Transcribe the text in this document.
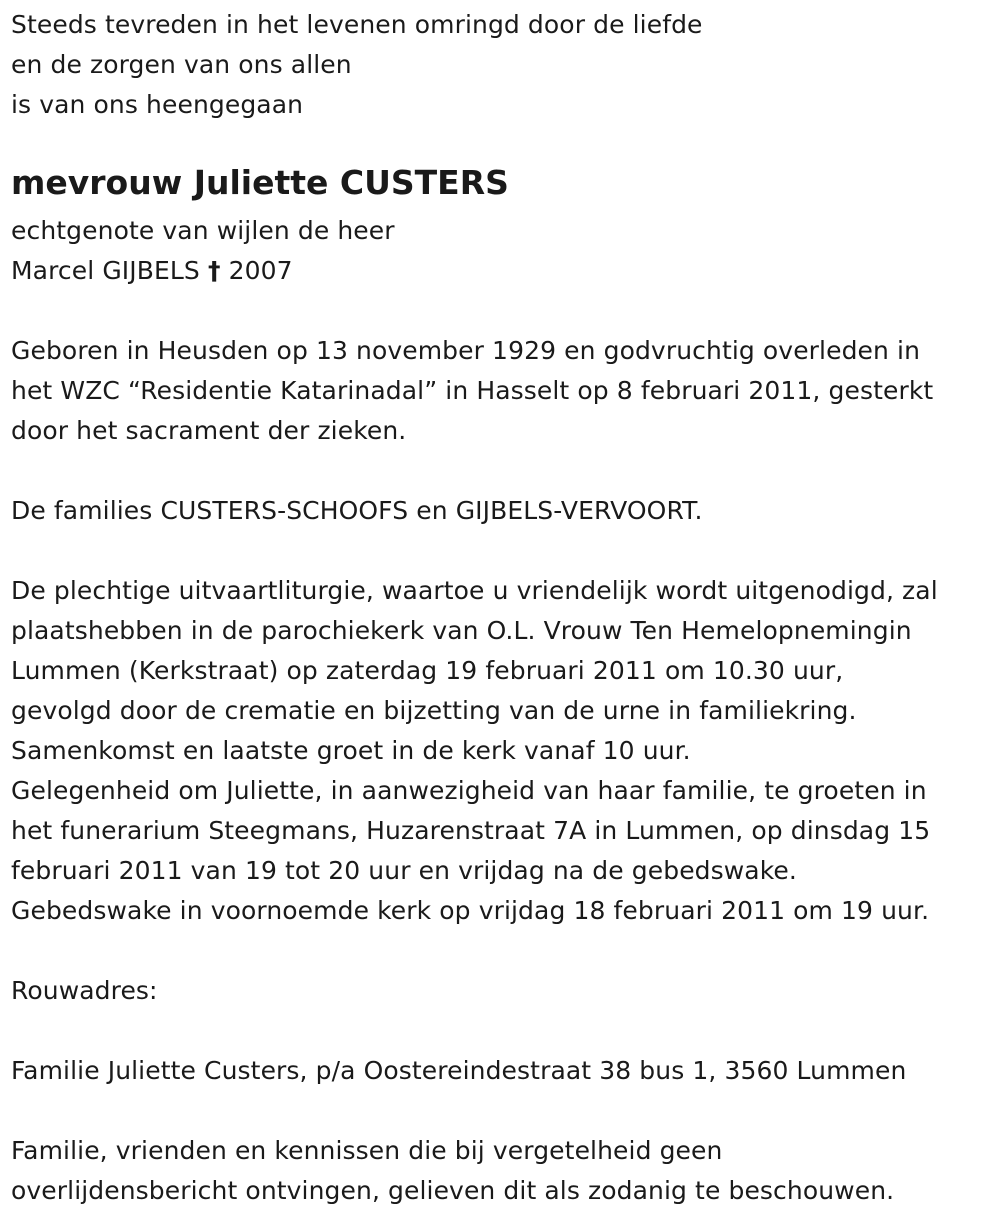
Steeds tevreden in het levenen omringd door de liefde
en de zorgen van ons allen
is van ons heengegaan
mevrouw Juliette CUSTERS
echtgenote van wijlen de heer
Marcel GIJBELS † 2007
Geboren in Heusden op 13 november 1929 en godvruchtig overleden in
het WZC “Residentie Katarinadal” in Hasselt op 8 februari 2011, gesterkt
door het sacrament der zieken.
De families CUSTERS-SCHOOFS en GIJBELS-VERVOORT.
De plechtige uitvaartliturgie, waartoe u vriendelijk wordt uitgenodigd, zal
plaatshebben in de parochiekerk van O.L. Vrouw Ten Hemelopnemingin
Lummen (Kerkstraat) op zaterdag 19 februari 2011 om 10.30 uur,
gevolgd door de crematie en bijzetting van de urne in familiekring.
Samenkomst en laatste groet in de kerk vanaf 10 uur.
Gelegenheid om Juliette, in aanwezigheid van haar familie, te groeten in
het funerarium Steegmans, Huzarenstraat 7A in Lummen, op dinsdag 15
februari 2011 van 19 tot 20 uur en vrijdag na de gebedswake.
Gebedswake in voornoemde kerk op vrijdag 18 februari 2011 om 19 uur.
Rouwadres:
Familie Juliette Custers, p/a Oostereindestraat 38 bus 1, 3560 Lummen
Familie, vrienden en kennissen die bij vergetelheid geen
overlijdensbericht ontvingen, gelieven dit als zodanig te beschouwen.
